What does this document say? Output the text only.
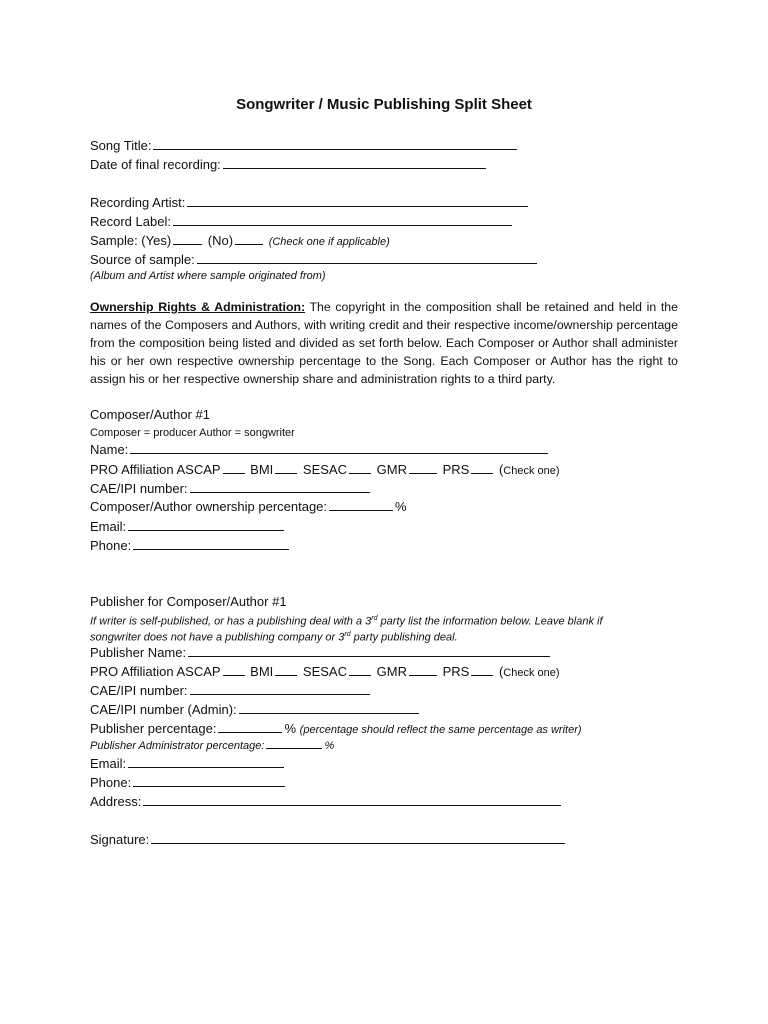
Songwriter / Music Publishing Split Sheet
Song Title:
Date of final recording:
Recording Artist:
Record Label:
Sample: (Yes)	(No)	(Check one if applicable)
Source of sample:
(Album and Artist where sample originated from)
Ownership Rights & Administration: The copyright in the composition shall be retained and held in the names of the Composers and Authors, with writing credit and their respective income/ownership percentage from the composition being listed and divided as set forth below. Each Composer or Author shall administer his or her own respective ownership percentage to the Song. Each Composer or Author has the right to assign his or her respective ownership share and administration rights to a third party.
Composer/Author #1
Composer = producer Author = songwriter
Name:
PRO Affiliation ASCAP BMI SESAC GMR	PRS (Check one)
CAE/IPI number:
Composer/Author ownership percentage:	%
Email:
Phone:
Publisher for Composer/Author #1
If writer is self-published, or has a publishing deal with a 3rd party list the information below. Leave blank if
songwriter does not have a publishing company or 3rd party publishing deal.
Publisher Name:
PRO Affiliation ASCAP BMI SESAC GMR	PRS (Check one)
CAE/IPI number:
CAE/IPI number (Admin):
Publisher percentage:	% (percentage should reflect the same percentage as writer)
Publisher Administrator percentage:	%
Email:
Phone:
Address:
Signature:
